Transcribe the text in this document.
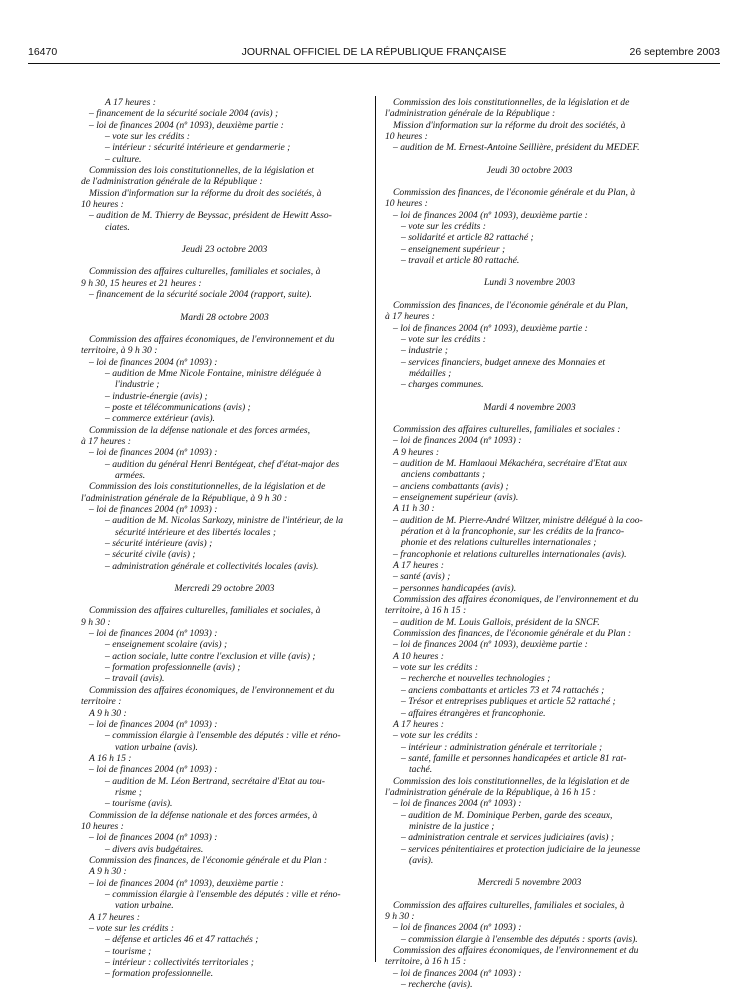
16470	JOURNAL OFFICIEL DE LA RÉPUBLIQUE FRANÇAISE	26 septembre 2003
A 17 heures :
– financement de la sécurité sociale 2004 (avis) ;
– loi de finances 2004 (nº 1093), deuxième partie :
– vote sur les crédits :
– intérieur : sécurité intérieure et gendarmerie ;
– culture.
Commission des lois constitutionnelles, de la législation et
de l'administration générale de la République :
Mission d'information sur la réforme du droit des sociétés, à
10 heures :
– audition de M. Thierry de Beyssac, président de Hewitt Asso-
ciates.
Jeudi 23 octobre 2003
Commission des affaires culturelles, familiales et sociales, à
9 h 30, 15 heures et 21 heures :
– financement de la sécurité sociale 2004 (rapport, suite).
Mardi 28 octobre 2003
Commission des affaires économiques, de l'environnement et du
territoire, à 9 h 30 :
– loi de finances 2004 (nº 1093) :
– audition de Mme Nicole Fontaine, ministre déléguée à
l'industrie ;
– industrie-énergie (avis) ;
– poste et télécommunications (avis) ;
– commerce extérieur (avis).
Commission de la défense nationale et des forces armées,
à 17 heures :
– loi de finances 2004 (nº 1093) :
– audition du général Henri Bentégeat, chef d'état-major des
armées.
Commission des lois constitutionnelles, de la législation et de
l'administration générale de la République, à 9 h 30 :
– loi de finances 2004 (nº 1093) :
– audition de M. Nicolas Sarkozy, ministre de l'intérieur, de la
sécurité intérieure et des libertés locales ;
– sécurité intérieure (avis) ;
– sécurité civile (avis) ;
– administration générale et collectivités locales (avis).
Mercredi 29 octobre 2003
Commission des affaires culturelles, familiales et sociales, à
9 h 30 :
– loi de finances 2004 (nº 1093) :
– enseignement scolaire (avis) ;
– action sociale, lutte contre l'exclusion et ville (avis) ;
– formation professionnelle (avis) ;
– travail (avis).
Commission des affaires économiques, de l'environnement et du
territoire :
A 9 h 30 :
– loi de finances 2004 (nº 1093) :
– commission élargie à l'ensemble des députés : ville et réno-
vation urbaine (avis).
A 16 h 15 :
– loi de finances 2004 (nº 1093) :
– audition de M. Léon Bertrand, secrétaire d'Etat au tou-
risme ;
– tourisme (avis).
Commission de la défense nationale et des forces armées, à
10 heures :
– loi de finances 2004 (nº 1093) :
– divers avis budgétaires.
Commission des finances, de l'économie générale et du Plan :
A 9 h 30 :
– loi de finances 2004 (nº 1093), deuxième partie :
– commission élargie à l'ensemble des députés : ville et réno-
vation urbaine.
A 17 heures :
– vote sur les crédits :
– défense et articles 46 et 47 rattachés ;
– tourisme ;
– intérieur : collectivités territoriales ;
– formation professionnelle.
Commission des lois constitutionnelles, de la législation et de
l'administration générale de la République :
Mission d'information sur la réforme du droit des sociétés, à
10 heures :
– audition de M. Ernest-Antoine Seillière, président du MEDEF.
Jeudi 30 octobre 2003
Commission des finances, de l'économie générale et du Plan, à
10 heures :
– loi de finances 2004 (nº 1093), deuxième partie :
– vote sur les crédits :
– solidarité et article 82 rattaché ;
– enseignement supérieur ;
– travail et article 80 rattaché.
Lundi 3 novembre 2003
Commission des finances, de l'économie générale et du Plan,
à 17 heures :
– loi de finances 2004 (nº 1093), deuxième partie :
– vote sur les crédits :
– industrie ;
– services financiers, budget annexe des Monnaies et
médailles ;
– charges communes.
Mardi 4 novembre 2003
Commission des affaires culturelles, familiales et sociales :
– loi de finances 2004 (nº 1093) :
A 9 heures :
– audition de M. Hamlaoui Mékachéra, secrétaire d'Etat aux
anciens combattants ;
– anciens combattants (avis) ;
– enseignement supérieur (avis).
A 11 h 30 :
– audition de M. Pierre-André Wiltzer, ministre délégué à la coo-
pération et à la francophonie, sur les crédits de la franco-
phonie et des relations culturelles internationales ;
– francophonie et relations culturelles internationales (avis).
A 17 heures :
– santé (avis) ;
– personnes handicapées (avis).
Commission des affaires économiques, de l'environnement et du
territoire, à 16 h 15 :
– audition de M. Louis Gallois, président de la SNCF.
Commission des finances, de l'économie générale et du Plan :
– loi de finances 2004 (nº 1093), deuxième partie :
A 10 heures :
– vote sur les crédits :
– recherche et nouvelles technologies ;
– anciens combattants et articles 73 et 74 rattachés ;
– Trésor et entreprises publiques et article 52 rattaché ;
– affaires étrangères et francophonie.
A 17 heures :
– vote sur les crédits :
– intérieur : administration générale et territoriale ;
– santé, famille et personnes handicapées et article 81 rat-
taché.
Commission des lois constitutionnelles, de la législation et de
l'administration générale de la République, à 16 h 15 :
– loi de finances 2004 (nº 1093) :
– audition de M. Dominique Perben, garde des sceaux,
ministre de la justice ;
– administration centrale et services judiciaires (avis) ;
– services pénitentiaires et protection judiciaire de la jeunesse
(avis).
Mercredi 5 novembre 2003
Commission des affaires culturelles, familiales et sociales, à
9 h 30 :
– loi de finances 2004 (nº 1093) :
– commission élargie à l'ensemble des députés : sports (avis).
Commission des affaires économiques, de l'environnement et du
territoire, à 16 h 15 :
– loi de finances 2004 (nº 1093) :
– recherche (avis).
